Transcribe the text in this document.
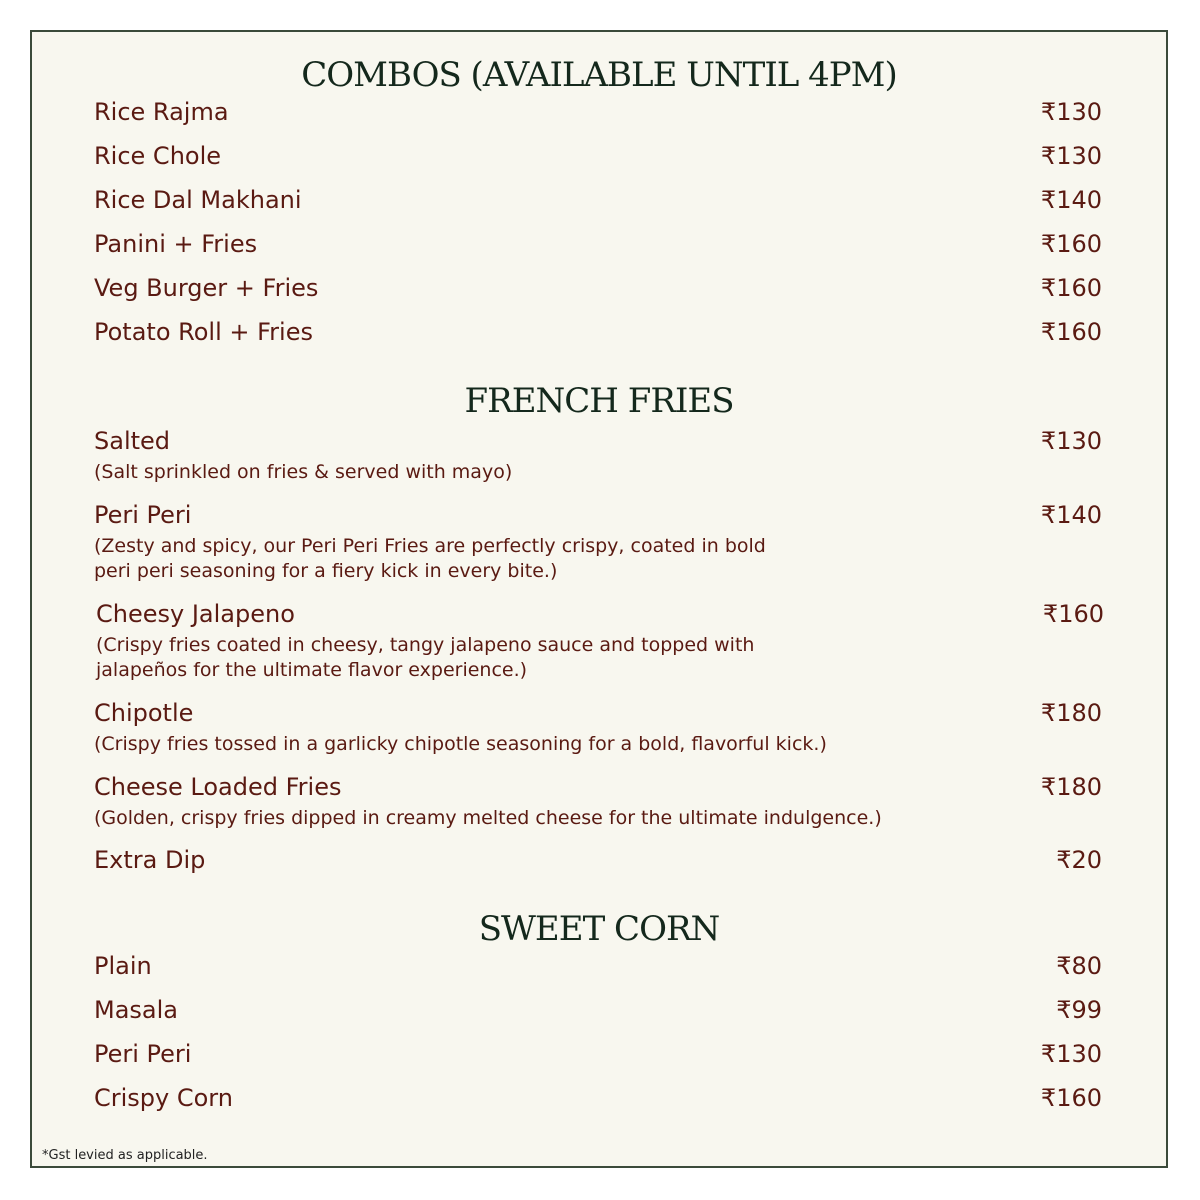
COMBOS (AVAILABLE UNTIL 4PM)
Rice Rajma	₹130
Rice Chole	₹130
Rice Dal Makhani	₹140
Panini + Fries	₹160
Veg Burger + Fries	₹160
Potato Roll + Fries	₹160
FRENCH FRIES
Salted	₹130
(Salt sprinkled on fries & served with mayo)
Peri Peri	₹140
(Zesty and spicy, our Peri Peri Fries are perfectly crispy, coated in bold
peri peri seasoning for a fiery kick in every bite.)
Cheesy Jalapeno	₹160
(Crispy fries coated in cheesy, tangy jalapeno sauce and topped with
jalapeños for the ultimate flavor experience.)
Chipotle	₹180
(Crispy fries tossed in a garlicky chipotle seasoning for a bold, flavorful kick.)
Cheese Loaded Fries	₹180
(Golden, crispy fries dipped in creamy melted cheese for the ultimate indulgence.)
Extra Dip	₹20
SWEET CORN
Plain	₹80
Masala	₹99
Peri Peri	₹130
Crispy Corn	₹160
*Gst levied as applicable.
